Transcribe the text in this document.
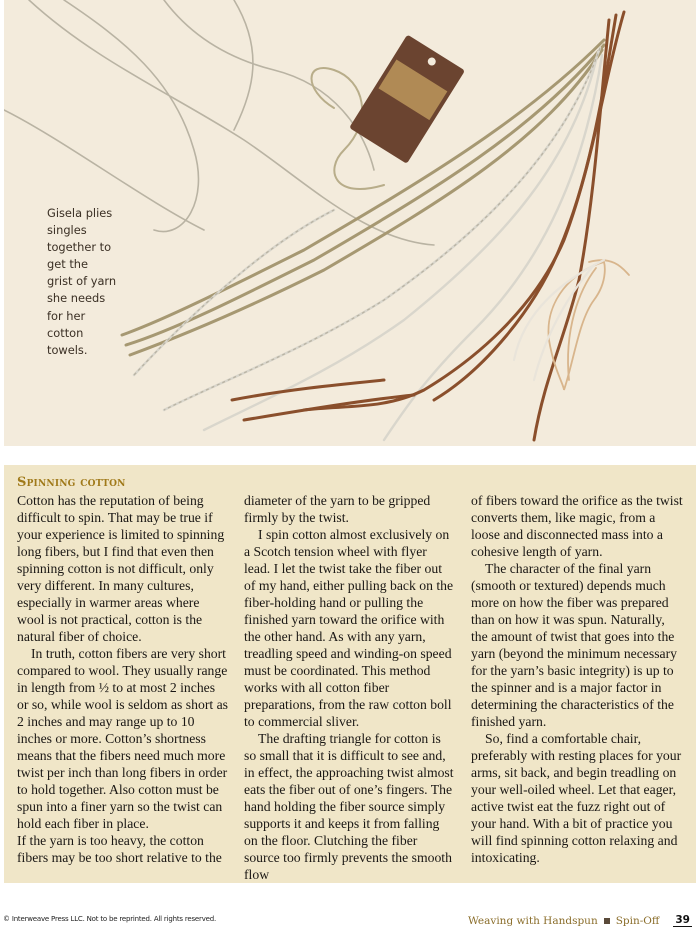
Gisela plies singles together to get the grist of yarn she needs for her cotton towels.

Spinning cotton

Cotton has the reputation of being difficult to spin. That may be true if your experience is limited to spinning long fibers, but I find that even then spinning cotton is not difficult, only very different. In many cultures, especially in warmer areas where wool is not practical, cotton is the natural fiber of choice.

In truth, cotton fibers are very short compared to wool. They usually range in length from ½ to at most 2 inches or so, while wool is seldom as short as 2 inches and may range up to 10 inches or more. Cotton’s shortness means that the fibers need much more twist per inch than long fibers in order to hold together. Also cotton must be spun into a finer yarn so the twist can hold each fiber in place.

If the yarn is too heavy, the cotton fibers may be too short relative to the

diameter of the yarn to be gripped firmly by the twist.

I spin cotton almost exclusively on a Scotch tension wheel with flyer lead. I let the twist take the fiber out of my hand, either pulling back on the fiber-holding hand or pulling the finished yarn toward the orifice with the other hand. As with any yarn, treadling speed and winding-on speed must be coordinated. This method works with all cotton fiber preparations, from the raw cotton boll to commercial sliver.

The drafting triangle for cotton is so small that it is difficult to see and, in effect, the approaching twist almost eats the fiber out of one’s fingers. The hand holding the fiber source simply supports it and keeps it from falling on the floor. Clutching the fiber source too firmly prevents the smooth flow

of fibers toward the orifice as the twist converts them, like magic, from a loose and disconnected mass into a cohesive length of yarn.

The character of the final yarn (smooth or textured) depends much more on how the fiber was prepared than on how it was spun. Naturally, the amount of twist that goes into the yarn (beyond the minimum necessary for the yarn’s basic integrity) is up to the spinner and is a major factor in determining the characteristics of the finished yarn.

So, find a comfortable chair, preferably with resting places for your arms, sit back, and begin treadling on your well-oiled wheel. Let that eager, active twist eat the fuzz right out of your hand. With a bit of practice you will find spinning cotton relaxing and intoxicating.

© Interweave Press LLC. Not to be reprinted. All rights reserved.	Weaving with Handspun Spin-Off 39
